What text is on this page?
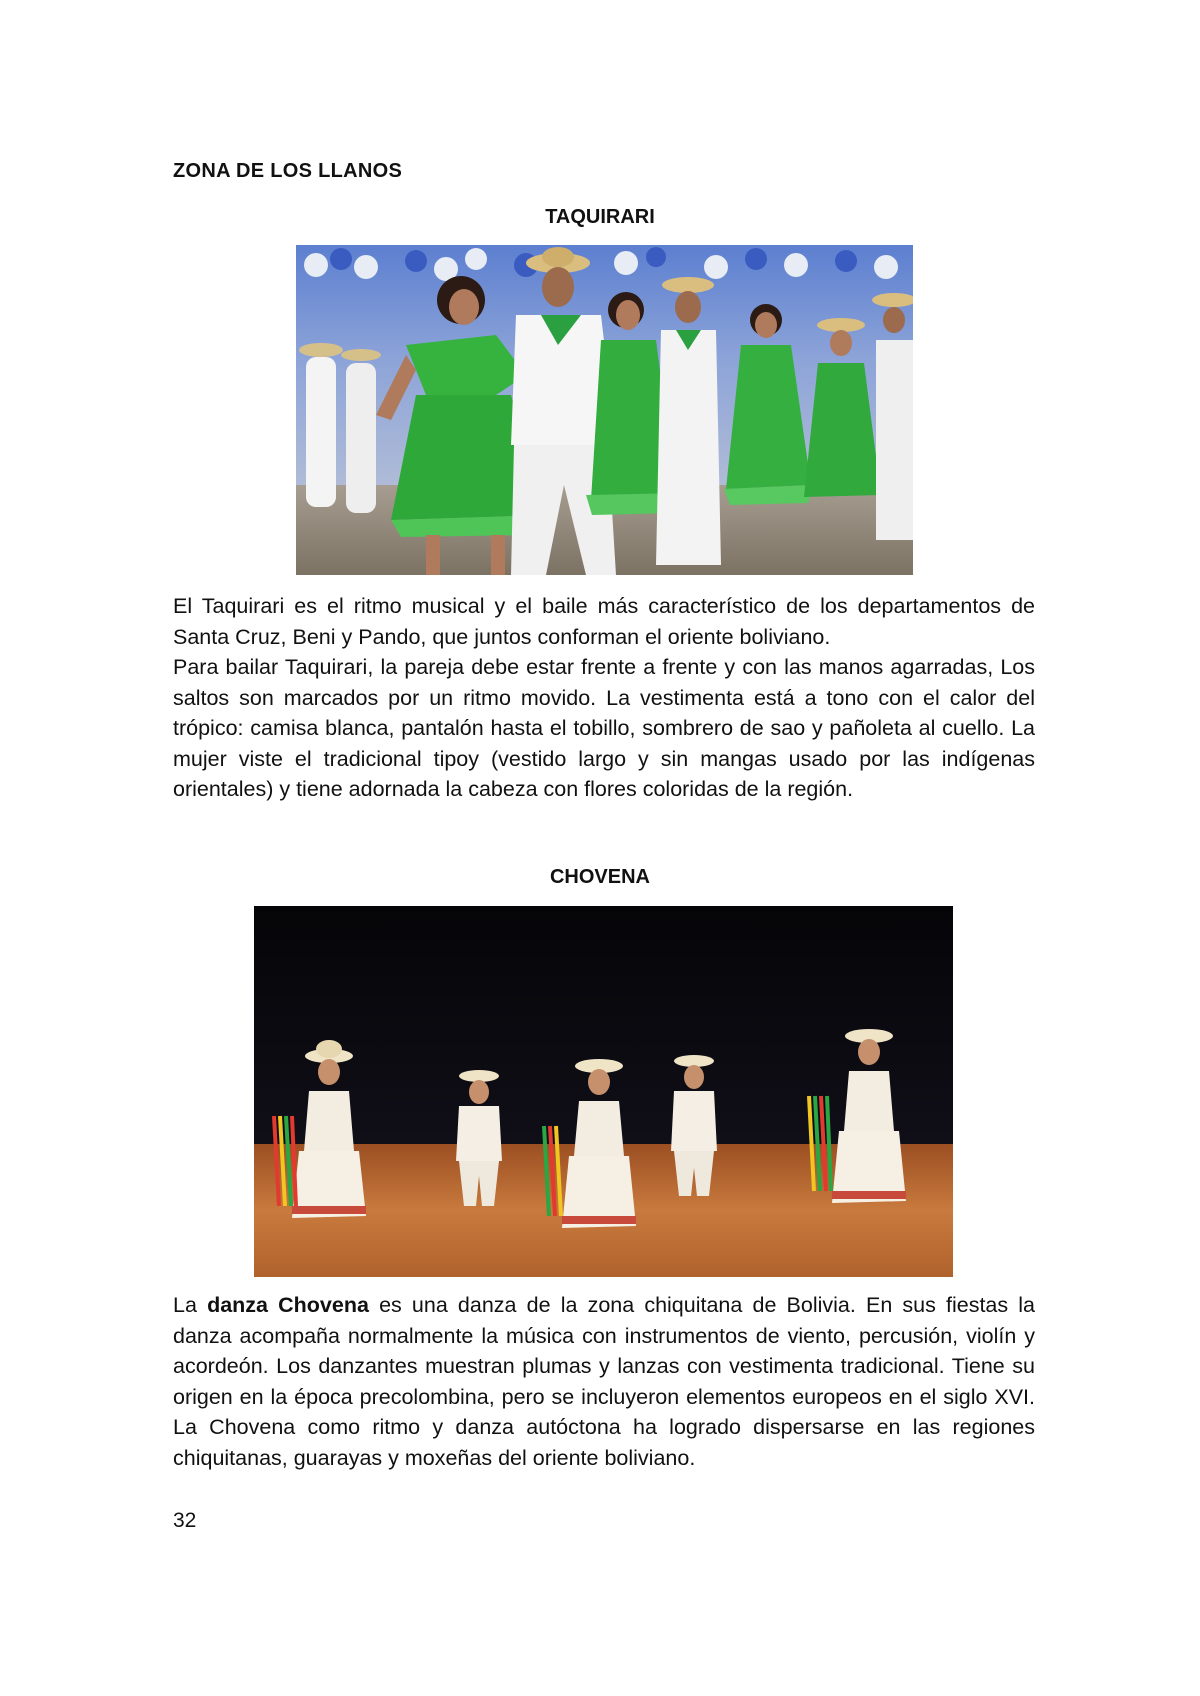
ZONA DE LOS LLANOS
TAQUIRARI

El Taquirari es el ritmo musical y el baile más característico de los departamentos de Santa Cruz, Beni y Pando, que juntos conforman el oriente boliviano.

Para bailar Taquirari, la pareja debe estar frente a frente y con las manos agarradas, Los saltos son marcados por un ritmo movido. La vestimenta está a tono con el calor del trópico: camisa blanca, pantalón hasta el tobillo, sombrero de sao y pañoleta al cuello. La mujer viste el tradicional tipoy (vestido largo y sin mangas usado por las indígenas orientales) y tiene adornada la cabeza con flores coloridas de la región.

CHOVENA

La danza Chovena es una danza de la zona chiquitana de Bolivia. En sus fiestas la danza acompaña normalmente la música con instrumentos de viento, percusión, violín y acordeón. Los danzantes muestran plumas y lanzas con vestimenta tradicional. Tiene su origen en la época precolombina, pero se incluyeron elementos europeos en el siglo XVI. La Chovena como ritmo y danza autóctona ha logrado dispersarse en las regiones chiquitanas, guarayas y moxeñas del oriente boliviano.

32
